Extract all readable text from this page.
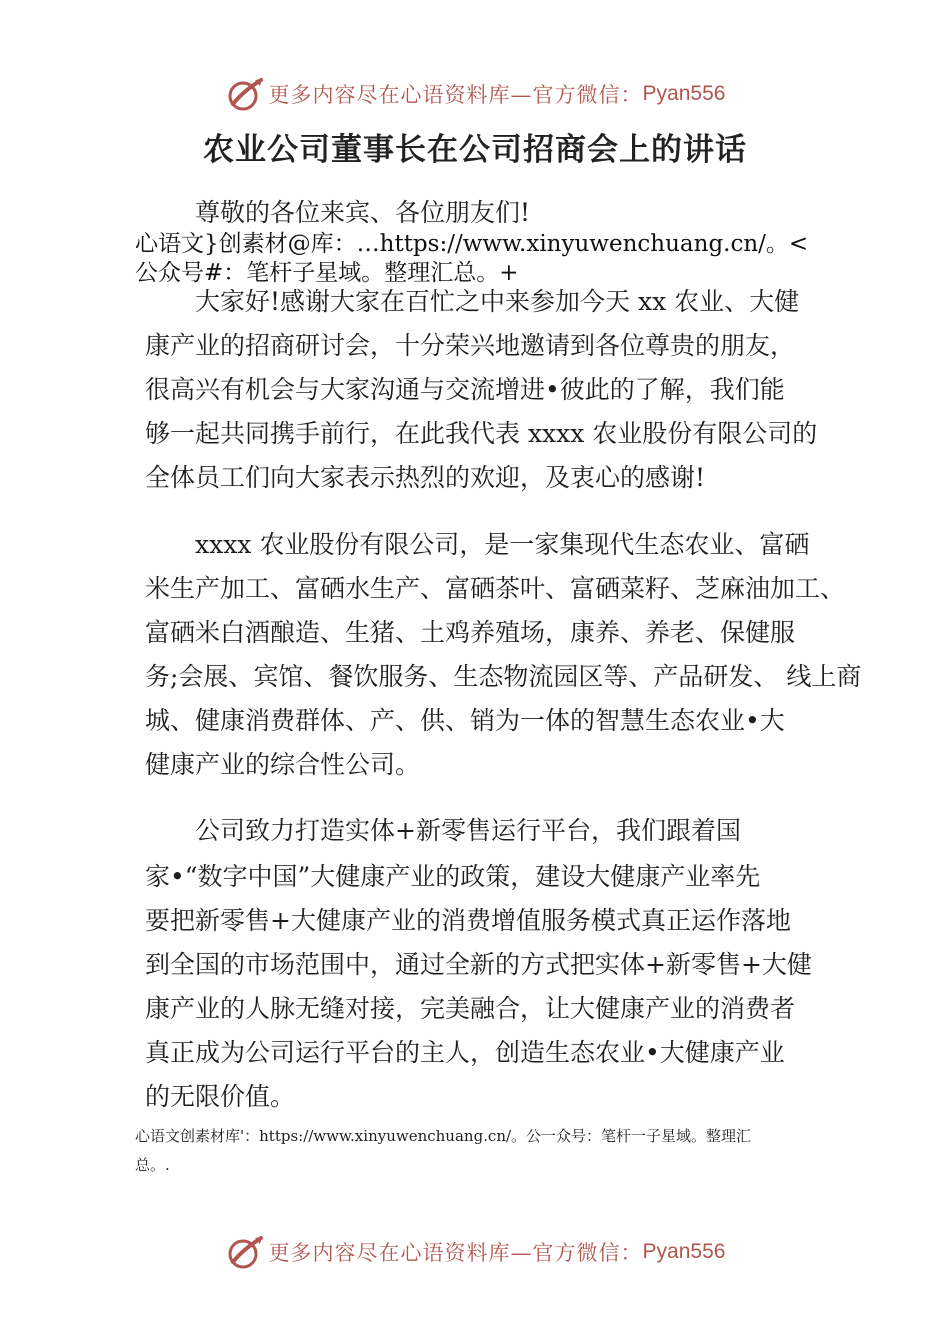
更多内容尽在心语资料库—官方微信： Pyan556
农业公司董事长在公司招商会上的讲话
尊敬的各位来宾、各位朋友们!
心语文}创素材@库：…https://www.xinyuwenchuang.cn/。<
公众号#：笔杆子星域。整理汇总。+
大家好!感谢大家在百忙之中来参加今天 xx 农业、大健
康产业的招商研讨会，十分荣兴地邀请到各位尊贵的朋友，
很高兴有机会与大家沟通与交流增进•彼此的了解，我们能
够一起共同携手前行，在此我代表 xxxx 农业股份有限公司的
全体员工们向大家表示热烈的欢迎，及衷心的感谢!
xxxx 农业股份有限公司，是一家集现代生态农业、富硒
米生产加工、富硒水生产、富硒茶叶、富硒菜籽、芝麻油加工、
富硒米白酒酿造、生猪、土鸡养殖场，康养、养老、保健服
务;会展、宾馆、餐饮服务、生态物流园区等、产品研发、 线上商
城、健康消费群体、产、供、销为一体的智慧生态农业•大
健康产业的综合性公司。
公司致力打造实体+新零售运行平台，我们跟着国
家•“数字中国”大健康产业的政策，建设大健康产业率先
要把新零售+大健康产业的消费增值服务模式真正运作落地
到全国的市场范围中，通过全新的方式把实体+新零售+大健
康产业的人脉无缝对接，完美融合，让大健康产业的消费者
真正成为公司运行平台的主人，创造生态农业•大健康产业
的无限价值。
心语文创素材库'：https://www.xinyuwenchuang.cn/。公一众号：笔杆一子星域。整理汇
总。.
更多内容尽在心语资料库—官方微信： Pyan556
